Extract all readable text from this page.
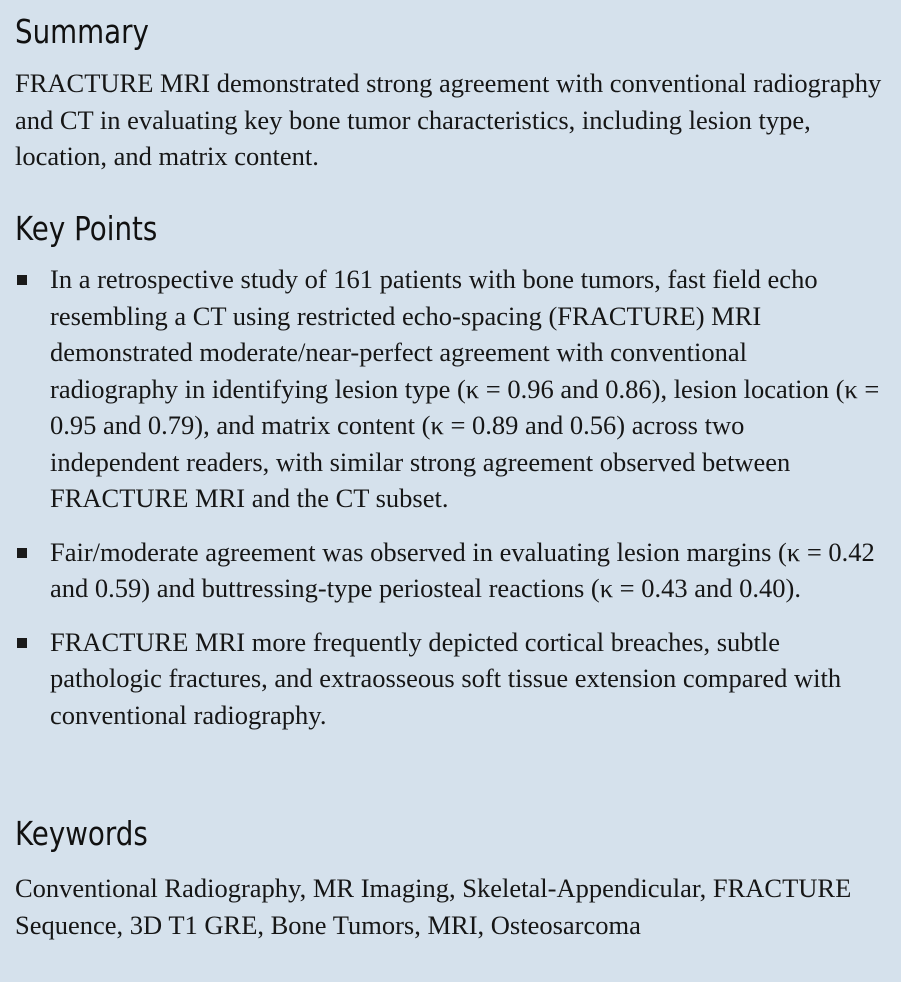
Summary

FRACTURE MRI demonstrated strong agreement with conventional radiography and CT in evaluating key bone tumor characteristics, including lesion type, location, and matrix content.

Key Points
In a retrospective study of 161 patients with bone tumors, fast field echo resembling a CT using restricted echo-spacing (FRACTURE) MRI demonstrated moderate/near-perfect agreement with conventional radiography in identifying lesion type (κ = 0.96 and 0.86), lesion location (κ = 0.95 and 0.79), and matrix content (κ = 0.89 and 0.56) across two independent readers, with similar strong agreement observed between FRACTURE MRI and the CT subset.
Fair/moderate agreement was observed in evaluating lesion margins (κ = 0.42 and 0.59) and buttressing-type periosteal reactions (κ = 0.43 and 0.40).
FRACTURE MRI more frequently depicted cortical breaches, subtle pathologic fractures, and extraosseous soft tissue extension compared with conventional radiography.
Keywords

Conventional Radiography, MR Imaging, Skeletal-Appendicular, FRACTURE Sequence, 3D T1 GRE, Bone Tumors, MRI, Osteosarcoma
